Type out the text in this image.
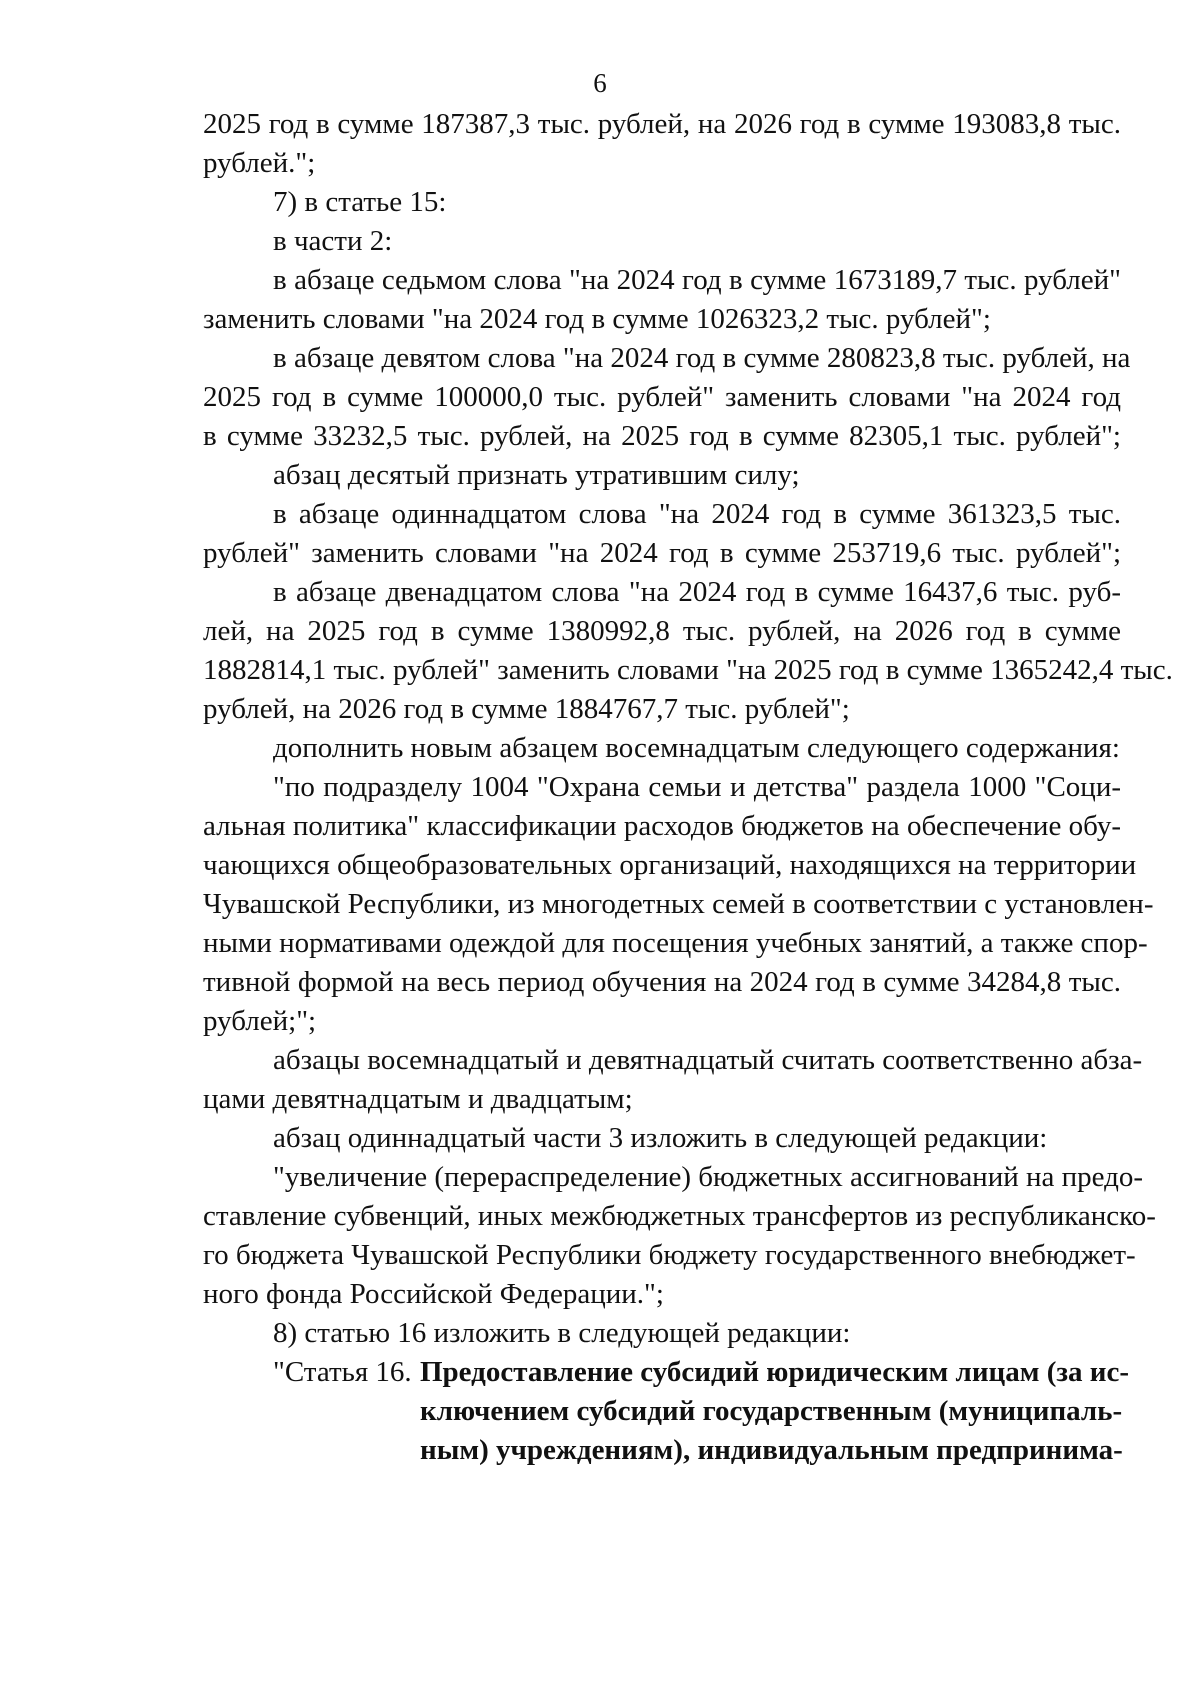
6
2025 год в сумме 187387,3 тыс. рублей, на 2026 год в сумме 193083,8 тыс.
рублей.";
7) в статье 15:
в части 2:
в абзаце седьмом слова "на 2024 год в сумме 1673189,7 тыс. рублей"
заменить словами "на 2024 год в сумме 1026323,2 тыс. рублей";
в абзаце девятом слова "на 2024 год в сумме 280823,8 тыс. рублей, на
2025 год в сумме 100000,0 тыс. рублей" заменить словами "на 2024 год
в сумме 33232,5 тыс. рублей, на 2025 год в сумме 82305,1 тыс. рублей";
абзац десятый признать утратившим силу;
в абзаце одиннадцатом слова "на 2024 год в сумме 361323,5 тыс.
рублей" заменить словами "на 2024 год в сумме 253719,6 тыс. рублей";
в абзаце двенадцатом слова "на 2024 год в сумме 16437,6 тыс. руб-
лей, на 2025 год в сумме 1380992,8 тыс. рублей, на 2026 год в сумме
1882814,1 тыс. рублей" заменить словами "на 2025 год в сумме 1365242,4 тыс.
рублей, на 2026 год в сумме 1884767,7 тыс. рублей";
дополнить новым абзацем восемнадцатым следующего содержания:
"по подразделу 1004 "Охрана семьи и детства" раздела 1000 "Соци-
альная политика" классификации расходов бюджетов на обеспечение обу-
чающихся общеобразовательных организаций, находящихся на территории
Чувашской Республики, из многодетных семей в соответствии с установлен-
ными нормативами одеждой для посещения учебных занятий, а также спор-
тивной формой на весь период обучения на 2024 год в сумме 34284,8 тыс.
рублей;";
абзацы восемнадцатый и девятнадцатый считать соответственно абза-
цами девятнадцатым и двадцатым;
абзац одиннадцатый части 3 изложить в следующей редакции:
"увеличение (перераспределение) бюджетных ассигнований на предо-
ставление субвенций, иных межбюджетных трансфертов из республиканско-
го бюджета Чувашской Республики бюджету государственного внебюджет-
ного фонда Российской Федерации.";
8) статью 16 изложить в следующей редакции:
"Статья 16. Предоставление субсидий юридическим лицам (за ис-
ключением субсидий государственным (муниципаль-
ным) учреждениям), индивидуальным предпринима-
